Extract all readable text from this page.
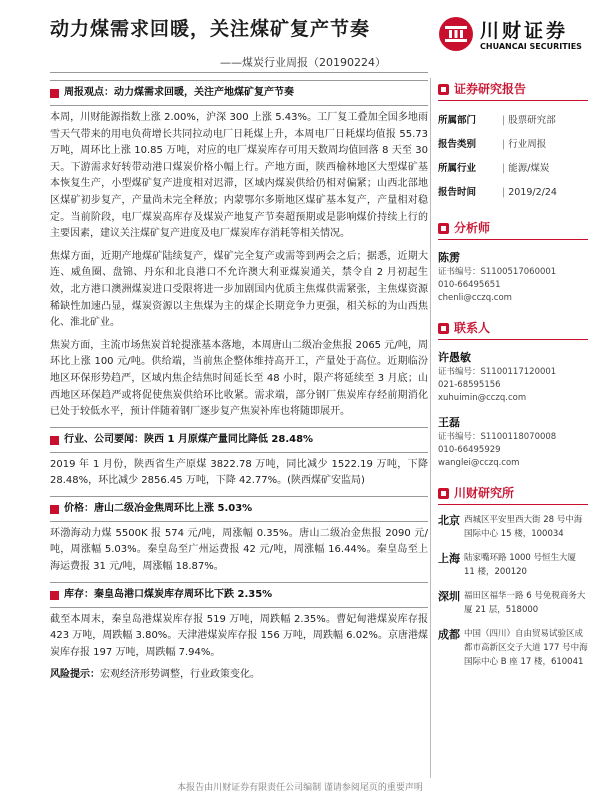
动力煤需求回暖，关注煤矿复产节奏
——煤炭行业周报（20190224）
川财证券
CHUANCAI SECURITIES
周报观点：动力煤需求回暖，关注产地煤矿复产节奏

本周，川财能源指数上涨 2.00%，沪深 300 上涨 5.43%。工厂复工叠加全国多地雨雪天气带来的用电负荷增长共同拉动电厂日耗煤上升，本周电厂日耗煤均值报 55.73 万吨，周环比上涨 10.85 万吨，对应的电厂煤炭库存可用天数周均值回落 8 天至 30 天。下游需求好转带动港口煤炭价格小幅上行。产地方面，陕西榆林地区大型煤矿基本恢复生产，小型煤矿复产进度相对迟滞，区域内煤炭供给仍相对偏紧；山西北部地区煤矿初步复产，产量尚未完全释放；内蒙鄂尔多斯地区煤矿基本复产，产量相对稳定。当前阶段，电厂煤炭高库存及煤炭产地复产节奏超预期或是影响煤价持续上行的主要因素，建议关注煤矿复产进度及电厂煤炭库存消耗等相关情况。

焦煤方面，近期产地煤矿陆续复产，煤矿完全复产或需等到两会之后；据悉，近期大连、威鱼圈、盘锦、丹东和北良港口不允许澳大利亚煤炭通关，禁令自 2 月初起生效，北方港口澳洲煤炭进口受限将进一步加剧国内优质主焦煤供需紧张，主焦煤资源稀缺性加速凸显，煤炭资源以主焦煤为主的煤企长期竞争力更强，相关标的为山西焦化、淮北矿业。

焦炭方面，主流市场焦炭首轮提涨基本落地，本周唐山二级冶金焦报 2065 元/吨，周环比上涨 100 元/吨。供给端，当前焦企整体维持高开工，产量处于高位。近期临汾地区环保形势趋严，区域内焦企结焦时间延长至 48 小时，限产将延续至 3 月底；山西地区环保趋严或将促使焦炭供给环比收紧。需求端，部分钢厂焦炭库存经前期消化已处于较低水平，预计伴随着钢厂逐步复产焦炭补库也将随即展开。

行业、公司要闻：陕西 1 月原煤产量同比降低 28.48%

2019 年 1 月份，陕西省生产原煤 3822.78 万吨，同比减少 1522.19 万吨，下降 28.48%，环比减少 2856.45 万吨，下降 42.77%。(陕西煤矿安监局)

价格：唐山二级冶金焦周环比上涨 5.03%

环渤海动力煤 5500K 报 574 元/吨，周涨幅 0.35%。唐山二级冶金焦报 2090 元/吨，周涨幅 5.03%。秦皇岛至广州运费报 42 元/吨，周涨幅 16.44%。秦皇岛至上海运费报 31 元/吨，周涨幅 18.87%。

库存：秦皇岛港口煤炭库存周环比下跌 2.35%

截至本周末，秦皇岛港煤炭库存报 519 万吨，周跌幅 2.35%。曹妃甸港煤炭库存报 423 万吨，周跌幅 3.80%。天津港煤炭库存报 156 万吨，周跌幅 6.02%。京唐港煤炭库存报 197 万吨，周跌幅 7.94%。

风险提示：宏观经济形势调整，行业政策变化。
证券研究报告
所属部门	| 股票研究部
报告类别	| 行业周报
所属行业	| 能源/煤炭
报告时间	| 2019/2/24
分析师
陈雳
证书编号：S1100517060001
010-66495651
chenli@cczq.com
联系人
许愚敏
证书编号：S1100117120001
021-68595156
xuhuimin@cczq.com
王磊
证书编号：S1100118070008
010-66495929
wanglei@cczq.com
川财研究所
北京 西城区平安里西大街 28 号中海国际中心 15 楼，100034
上海 陆家嘴环路 1000 号恒生大厦 11 楼，200120
深圳 福田区福华一路 6 号免税商务大厦 21 层，518000
成都 中国（四川）自由贸易试验区成都市高新区交子大道 177 号中海国际中心 B 座 17 楼，610041
本报告由川财证券有限责任公司编制 谨请参阅尾页的重要声明
